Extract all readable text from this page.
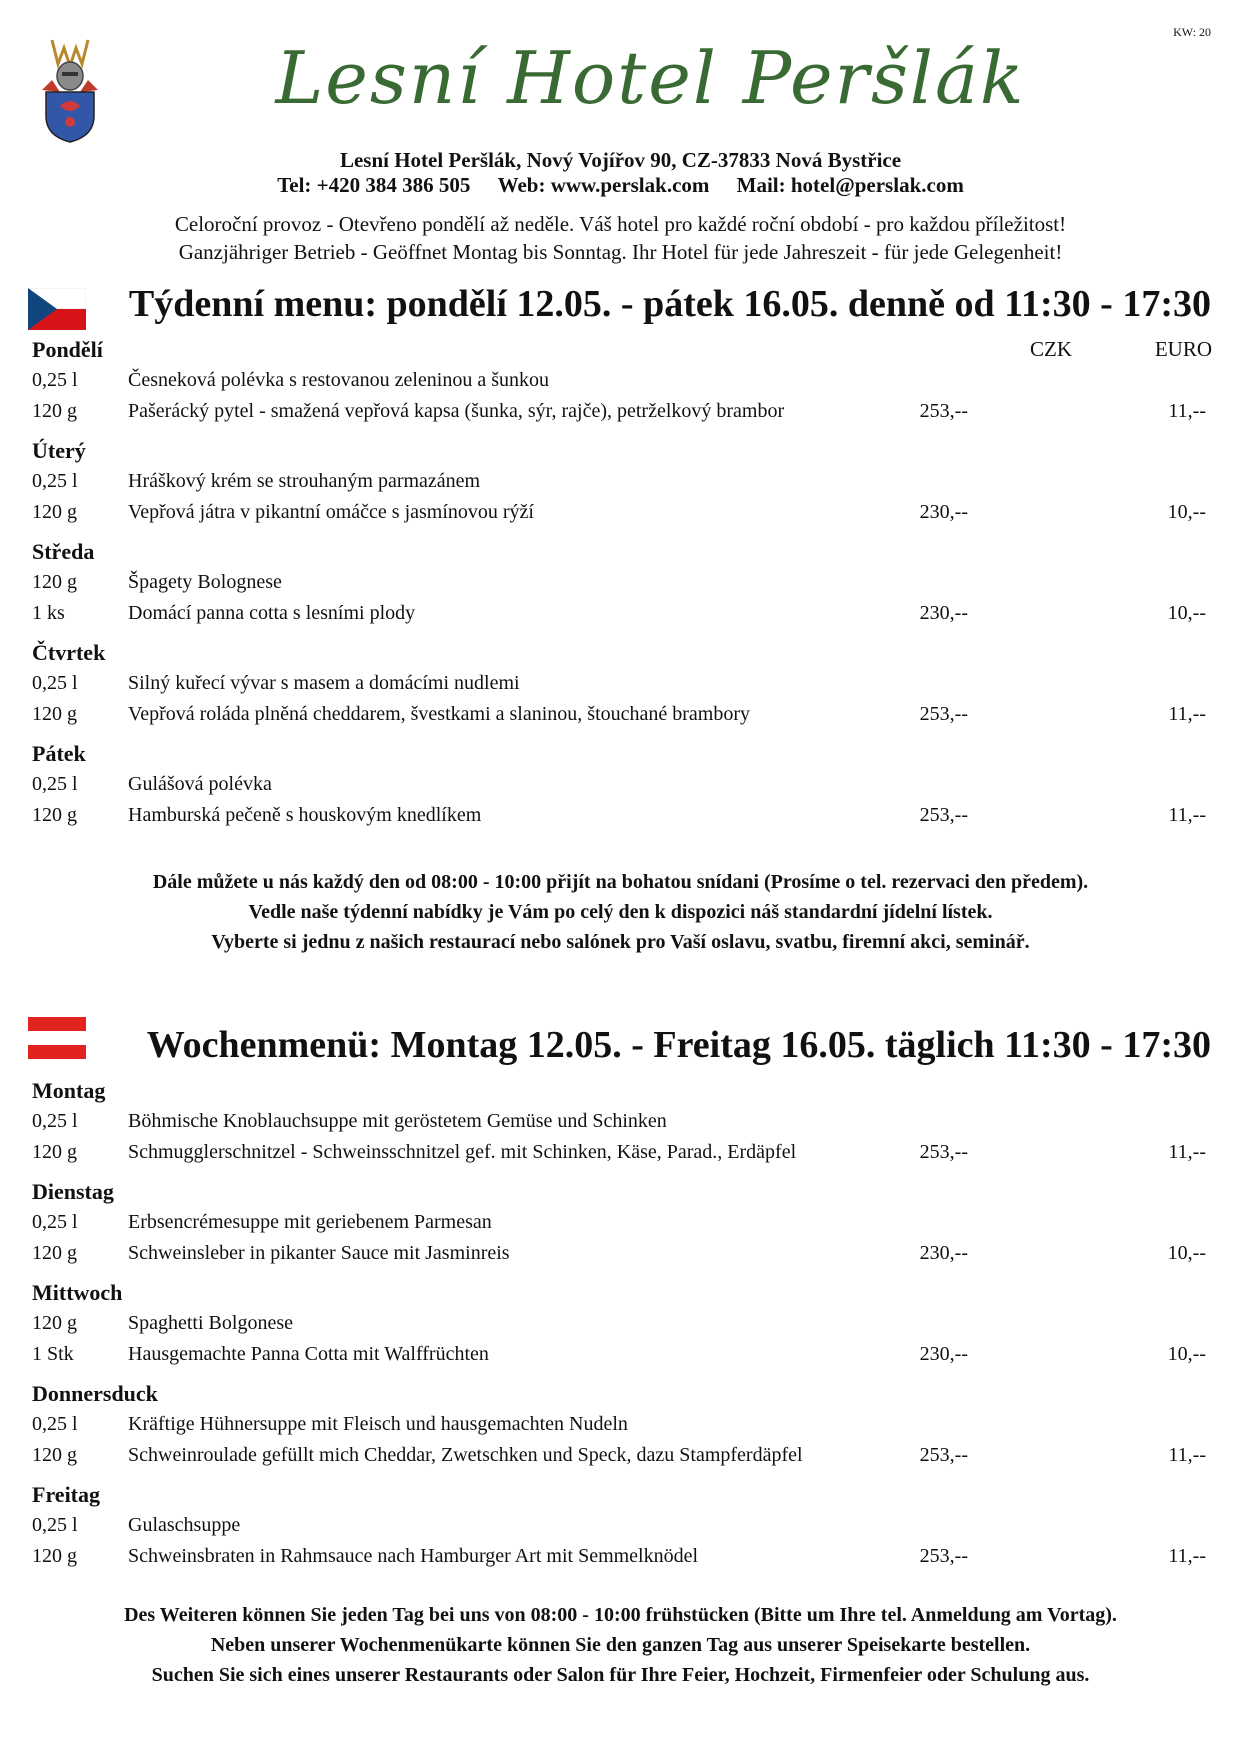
KW: 20
Lesní Hotel Peršlák
Lesní Hotel Peršlák, Nový Vojířov 90, CZ-37833 Nová Bystřice
Tel: +420 384 386 505 Web: www.perslak.com Mail: hotel@perslak.com
Celoroční provoz - Otevřeno pondělí až neděle. Váš hotel pro každé roční období - pro každou příležitost!
Ganzjähriger Betrieb - Geöffnet Montag bis Sonntag. Ihr Hotel für jede Jahreszeit - für jede Gelegenheit!
Týdenní menu: pondělí 12.05. - pátek 16.05. denně od 11:30 - 17:30
CZK	EURO
Pondělí
0,25 l	Česneková polévka s restovanou zeleninou a šunkou
120 g	Pašerácký pytel - smažená vepřová kapsa (šunka, sýr, rajče), petrželkový brambor	253,--	11,--
Úterý
0,25 l	Hráškový krém se strouhaným parmazánem
120 g	Vepřová játra v pikantní omáčce s jasmínovou rýží	230,--	10,--
Středa
120 g	Špagety Bolognese
1 ks	Domácí panna cotta s lesními plody	230,--	10,--
Čtvrtek
0,25 l	Silný kuřecí vývar s masem a domácími nudlemi
120 g	Vepřová roláda plněná cheddarem, švestkami a slaninou, štouchané brambory	253,--	11,--
Pátek
0,25 l	Gulášová polévka
120 g	Hamburská pečeně s houskovým knedlíkem	253,--	11,--
Dále můžete u nás každý den od 08:00 - 10:00 přijít na bohatou snídani (Prosíme o tel. rezervaci den předem).
Vedle naše týdenní nabídky je Vám po celý den k dispozici náš standardní jídelní lístek.
Vyberte si jednu z našich restaurací nebo salónek pro Vaší oslavu, svatbu, firemní akci, seminář.
Wochenmenü: Montag 12.05. - Freitag 16.05. täglich 11:30 - 17:30
Montag
0,25 l	Böhmische Knoblauchsuppe mit geröstetem Gemüse und Schinken
120 g	Schmugglerschnitzel - Schweinsschnitzel gef. mit Schinken, Käse, Parad., Erdäpfel	253,--	11,--
Dienstag
0,25 l	Erbsencrémesuppe mit geriebenem Parmesan
120 g	Schweinsleber in pikanter Sauce mit Jasminreis	230,--	10,--
Mittwoch
120 g	Spaghetti Bolgonese
1 Stk	Hausgemachte Panna Cotta mit Walffrüchten	230,--	10,--
Donnersduck
0,25 l	Kräftige Hühnersuppe mit Fleisch und hausgemachten Nudeln
120 g	Schweinroulade gefüllt mich Cheddar, Zwetschken und Speck, dazu Stampferdäpfel	253,--	11,--
Freitag
0,25 l	Gulaschsuppe
120 g	Schweinsbraten in Rahmsauce nach Hamburger Art mit Semmelknödel	253,--	11,--
Des Weiteren können Sie jeden Tag bei uns von 08:00 - 10:00 frühstücken (Bitte um Ihre tel. Anmeldung am Vortag).
Neben unserer Wochenmenükarte können Sie den ganzen Tag aus unserer Speisekarte bestellen.
Suchen Sie sich eines unserer Restaurants oder Salon für Ihre Feier, Hochzeit, Firmenfeier oder Schulung aus.
